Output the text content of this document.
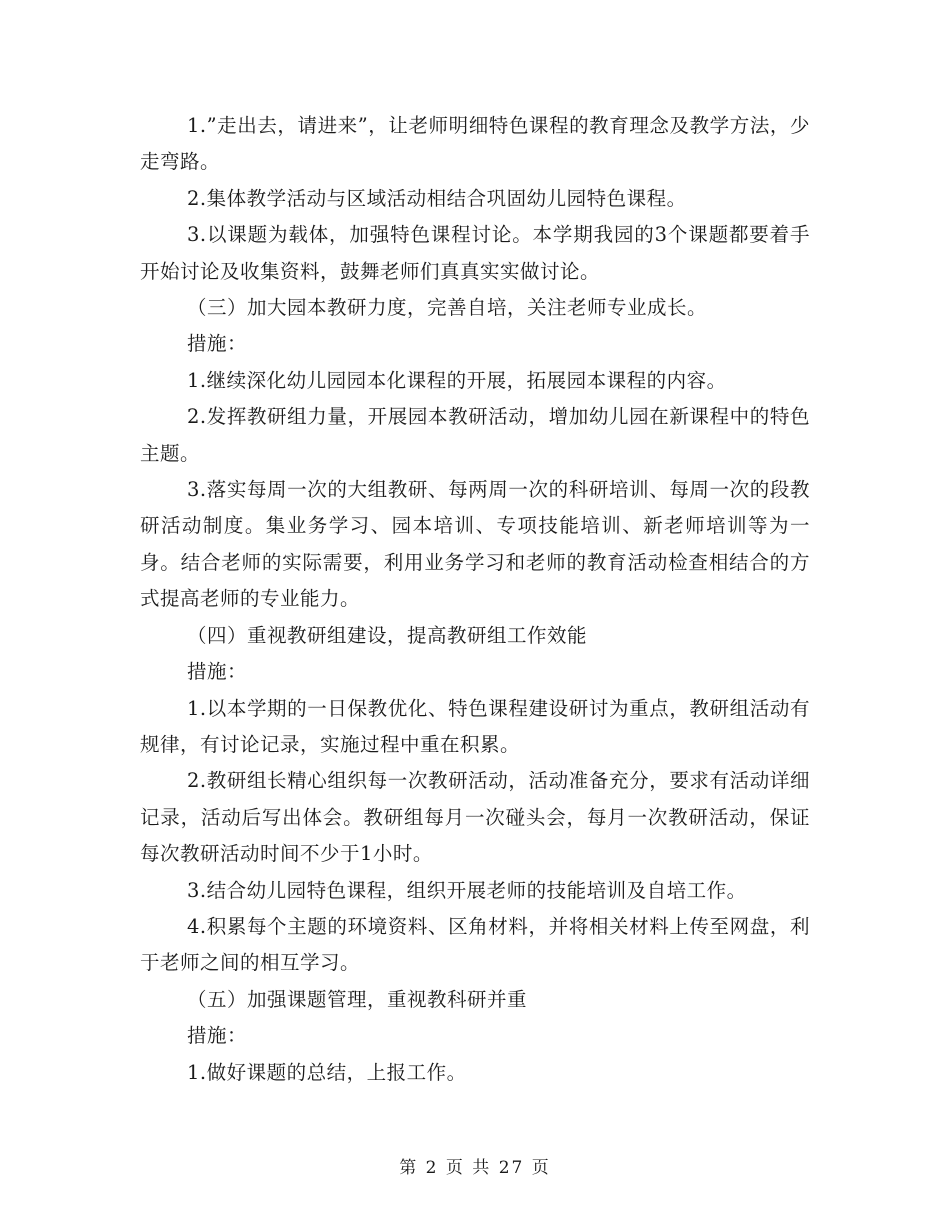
1.”走出去，请进来”，让老师明细特色课程的教育理念及教学方法，少走弯路。

2.集体教学活动与区域活动相结合巩固幼儿园特色课程。

3.以课题为载体，加强特色课程讨论。本学期我园的3个课题都要着手开始讨论及收集资料，鼓舞老师们真真实实做讨论。

（三）加大园本教研力度，完善自培，关注老师专业成长。

措施：

1.继续深化幼儿园园本化课程的开展，拓展园本课程的内容。

2.发挥教研组力量，开展园本教研活动，增加幼儿园在新课程中的特色主题。

3.落实每周一次的大组教研、每两周一次的科研培训、每周一次的段教研活动制度。集业务学习、园本培训、专项技能培训、新老师培训等为一身。结合老师的实际需要，利用业务学习和老师的教育活动检查相结合的方式提高老师的专业能力。

（四）重视教研组建设，提高教研组工作效能

措施：

1.以本学期的一日保教优化、特色课程建设研讨为重点，教研组活动有规律，有讨论记录，实施过程中重在积累。

2.教研组长精心组织每一次教研活动，活动准备充分，要求有活动详细记录，活动后写出体会。教研组每月一次碰头会，每月一次教研活动，保证每次教研活动时间不少于1小时。

3.结合幼儿园特色课程，组织开展老师的技能培训及自培工作。

4.积累每个主题的环境资料、区角材料，并将相关材料上传至网盘，利于老师之间的相互学习。

（五）加强课题管理，重视教科研并重

措施：

1.做好课题的总结，上报工作。

第 2 页 共 27 页
